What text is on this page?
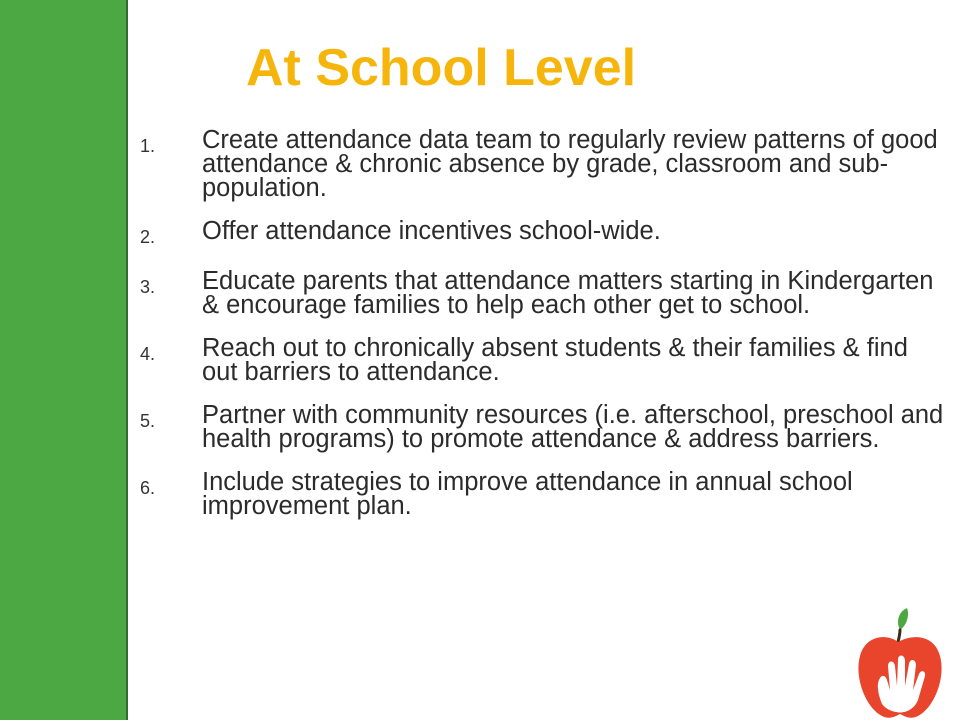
At School Level
1.	Create attendance data team to regularly review patterns of good attendance & chronic absence by grade, classroom and sub-population.
2.	Offer attendance incentives school-wide.
3.	Educate parents that attendance matters starting in Kindergarten & encourage families to help each other get to school.
4.	Reach out to chronically absent students & their families & find out barriers to attendance.
5.	Partner with community resources (i.e. afterschool, preschool and health programs) to promote attendance & address barriers.
6.	Include strategies to improve attendance in annual school improvement plan.
